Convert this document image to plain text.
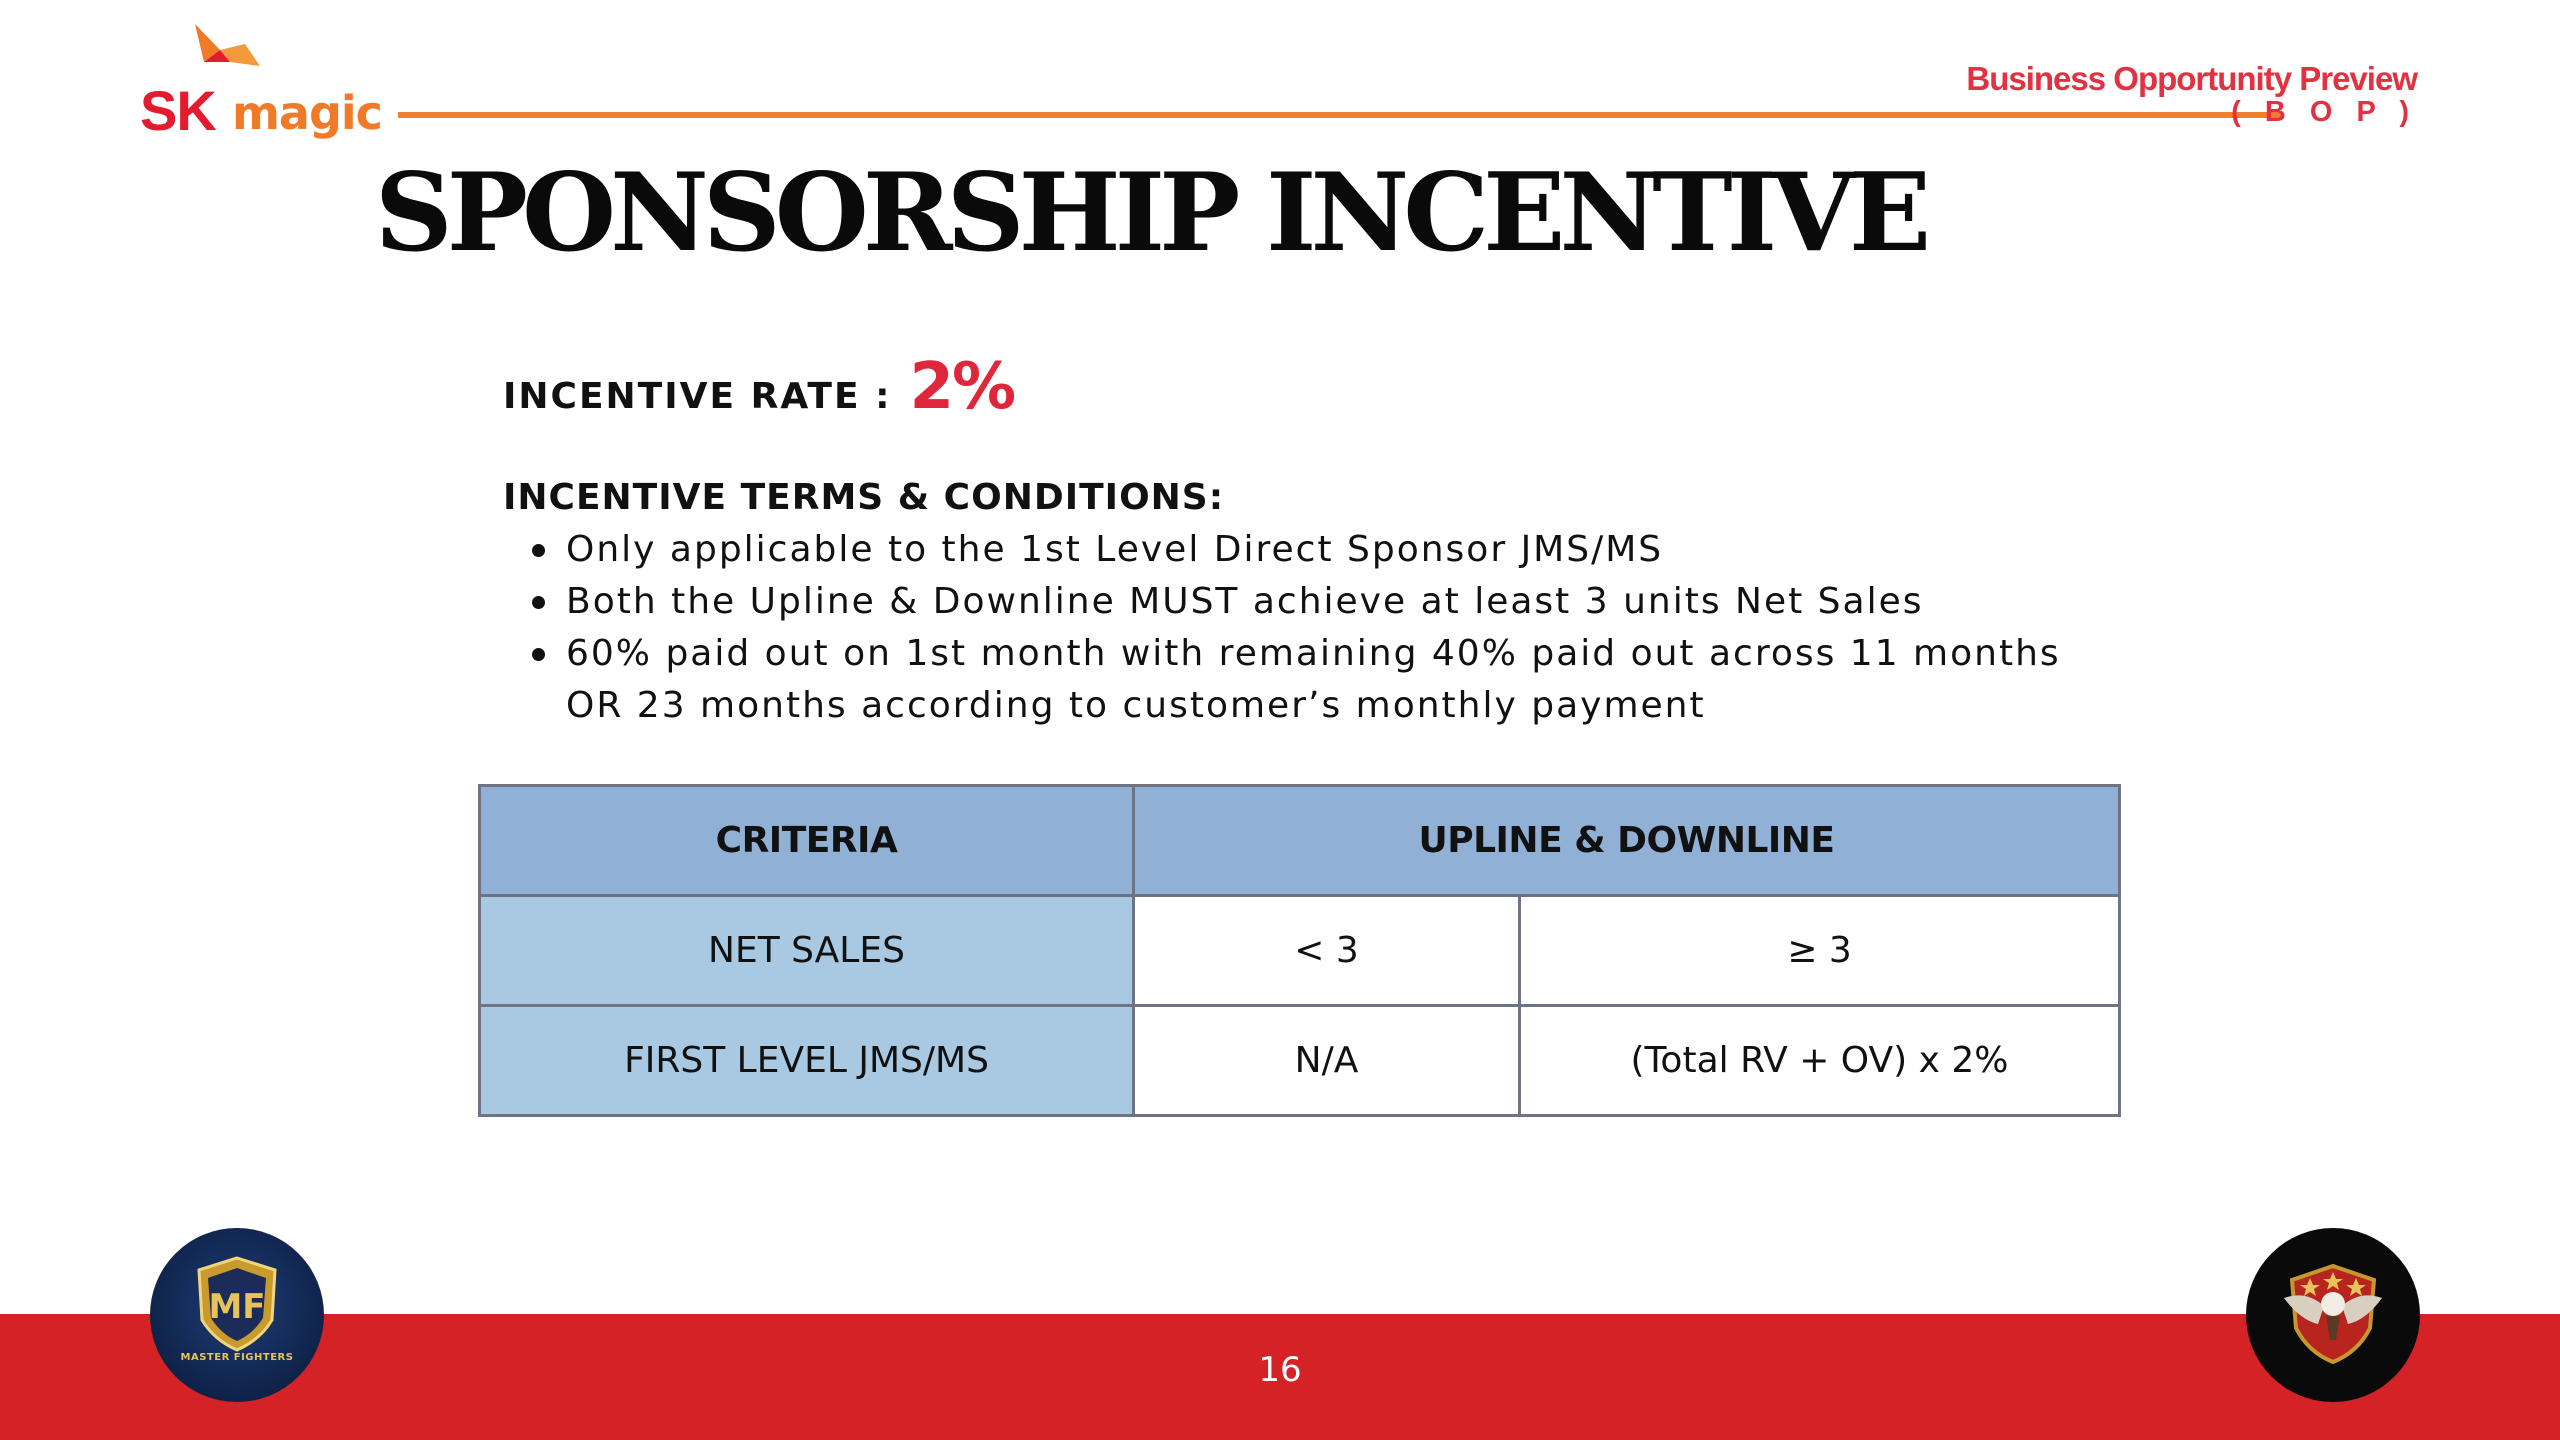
SK magic
Business Opportunity Preview
( B O P )
SPONSORSHIP INCENTIVE
INCENTIVE RATE : 2%
INCENTIVE TERMS & CONDITIONS:
Only applicable to the 1st Level Direct Sponsor JMS/MS
Both the Upline & Downline MUST achieve at least 3 units Net Sales
60% paid out on 1st month with remaining 40% paid out across 11 months OR 23 months according to customer’s monthly payment
CRITERIA	UPLINE & DOWNLINE	
NET SALES	< 3	≥ 3
FIRST LEVEL JMS/MS	N/A	(Total RV + OV) x 2%
16
MF
MASTER FIGHTERS
